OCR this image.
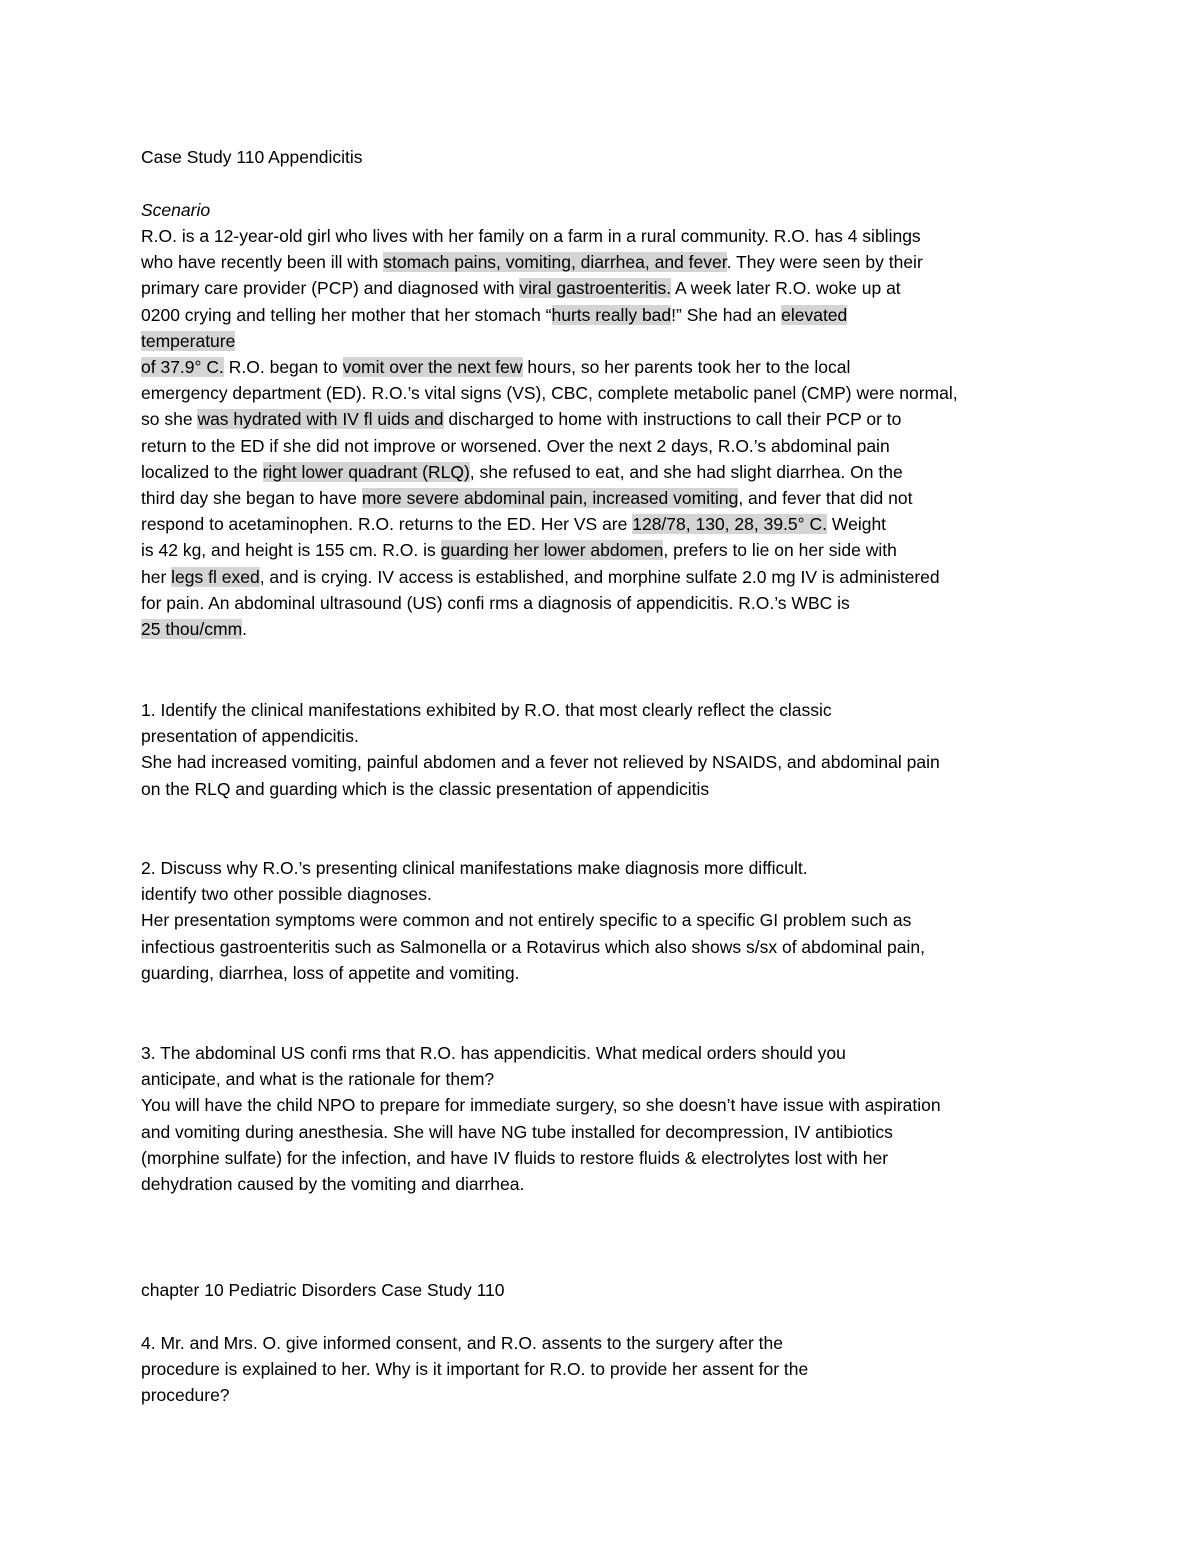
Case Study 110 Appendicitis
Scenario
R.O. is a 12-year-old girl who lives with her family on a farm in a rural community. R.O. has 4 siblings
who have recently been ill with stomach pains, vomiting, diarrhea, and fever. They were seen by their
primary care provider (PCP) and diagnosed with viral gastroenteritis. A week later R.O. woke up at
0200 crying and telling her mother that her stomach “hurts really bad!” She had an elevated
temperature
of 37.9° C. R.O. began to vomit over the next few hours, so her parents took her to the local
emergency department (ED). R.O.’s vital signs (VS), CBC, complete metabolic panel (CMP) were normal,
so she was hydrated with IV fl uids and discharged to home with instructions to call their PCP or to
return to the ED if she did not improve or worsened. Over the next 2 days, R.O.’s abdominal pain
localized to the right lower quadrant (RLQ), she refused to eat, and she had slight diarrhea. On the
third day she began to have more severe abdominal pain, increased vomiting, and fever that did not
respond to acetaminophen. R.O. returns to the ED. Her VS are 128/78, 130, 28, 39.5° C. Weight
is 42 kg, and height is 155 cm. R.O. is guarding her lower abdomen, prefers to lie on her side with
her legs fl exed, and is crying. IV access is established, and morphine sulfate 2.0 mg IV is administered
for pain. An abdominal ultrasound (US) confi rms a diagnosis of appendicitis. R.O.’s WBC is
25 thou/cmm.
1. Identify the clinical manifestations exhibited by R.O. that most clearly reflect the classic
presentation of appendicitis.
She had increased vomiting, painful abdomen and a fever not relieved by NSAIDS, and abdominal pain
on the RLQ and guarding which is the classic presentation of appendicitis
2. Discuss why R.O.’s presenting clinical manifestations make diagnosis more difficult.
identify two other possible diagnoses.
Her presentation symptoms were common and not entirely specific to a specific GI problem such as
infectious gastroenteritis such as Salmonella or a Rotavirus which also shows s/sx of abdominal pain,
guarding, diarrhea, loss of appetite and vomiting.
3. The abdominal US confi rms that R.O. has appendicitis. What medical orders should you
anticipate, and what is the rationale for them?
You will have the child NPO to prepare for immediate surgery, so she doesn’t have issue with aspiration
and vomiting during anesthesia. She will have NG tube installed for decompression, IV antibiotics
(morphine sulfate) for the infection, and have IV fluids to restore fluids & electrolytes lost with her
dehydration caused by the vomiting and diarrhea.
chapter 10 Pediatric Disorders Case Study 110
4. Mr. and Mrs. O. give informed consent, and R.O. assents to the surgery after the
procedure is explained to her. Why is it important for R.O. to provide her assent for the
procedure?
